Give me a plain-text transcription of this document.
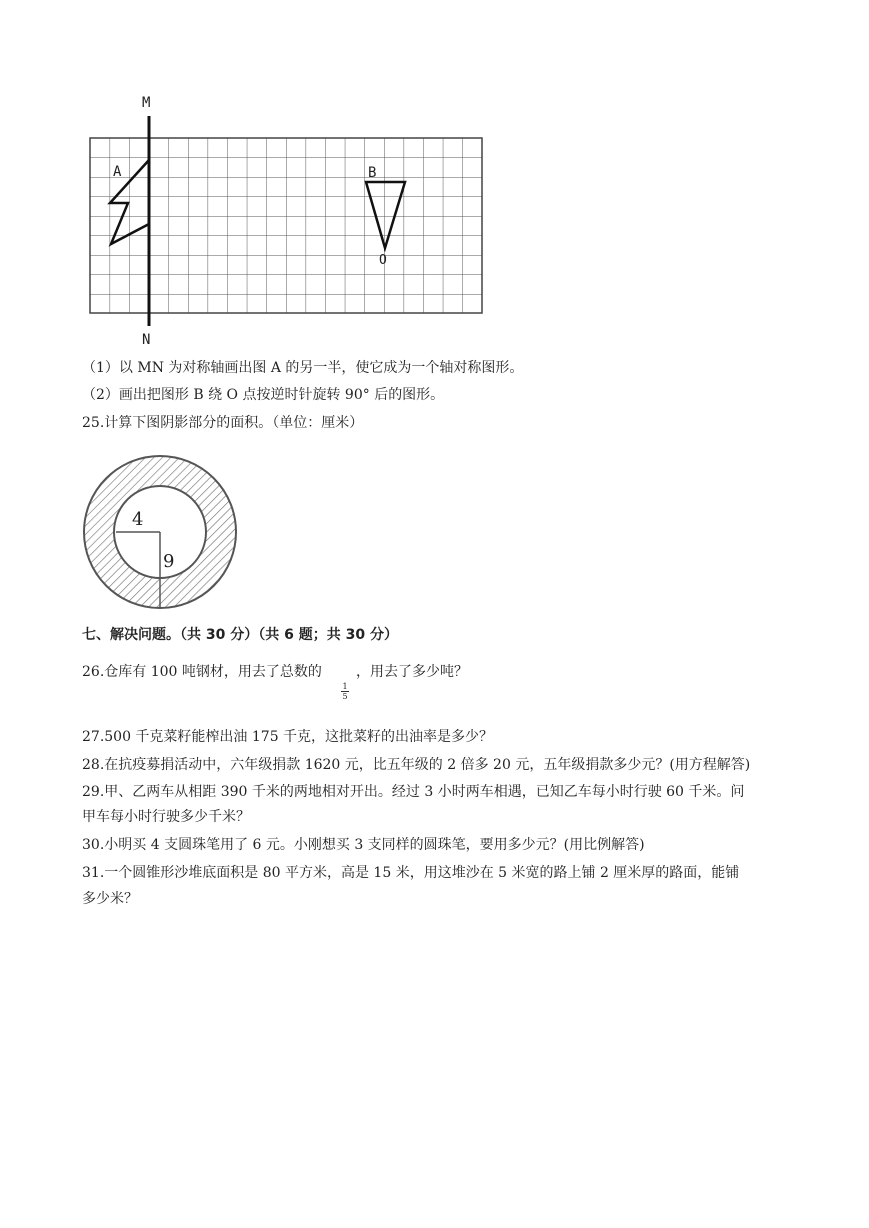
M
N
A	B
O
（1）以 MN 为对称轴画出图 A 的另一半，使它成为一个轴对称图形。
（2）画出把图形 B 绕 O 点按逆时针旋转 90° 后的图形。
25.计算下图阴影部分的面积。（单位：厘米）
4
9
七、解决问题。（共 30 分）（共 6 题；共 30 分）
26.仓库有 100 吨钢材，用去了总数的
1
5
，用去了多少吨？
27.500 千克菜籽能榨出油 175 千克，这批菜籽的出油率是多少？
28.在抗疫募捐活动中，六年级捐款 1620 元，比五年级的 2 倍多 20 元，五年级捐款多少元？(用方程解答)
29.甲、乙两车从相距 390 千米的两地相对开出。经过 3 小时两车相遇，已知乙车每小时行驶 60 千米。问
甲车每小时行驶多少千米？
30.小明买 4 支圆珠笔用了 6 元。小刚想买 3 支同样的圆珠笔，要用多少元？(用比例解答)
31.一个圆锥形沙堆底面积是 80 平方米，高是 15 米，用这堆沙在 5 米宽的路上铺 2 厘米厚的路面，能铺
多少米？
